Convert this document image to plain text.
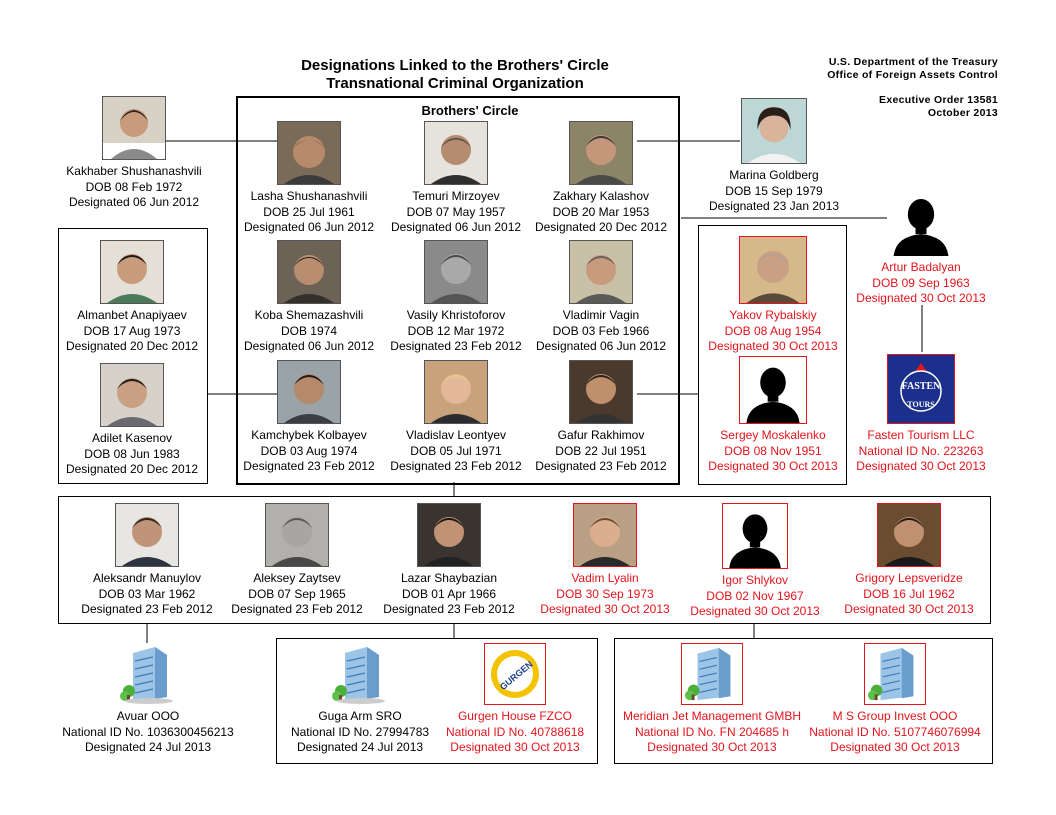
Designations Linked to the Brothers' Circle
Transnational Criminal Organization
U.S. Department of the Treasury
Office of Foreign Assets Control
Executive Order 13581
October 2013
Brothers' Circle
Kakhaber Shushanashvili
DOB 08 Feb 1972
Designated 06 Jun 2012	Lasha Shushanashvili
DOB 25 Jul 1961
Designated 06 Jun 2012
Temuri Mirzoyev
DOB 07 May 1957
Designated 06 Jun 2012
Zakhary Kalashov
DOB 20 Mar 1953
Designated 20 Dec 2012
Koba Shemazashvili
DOB 1974
Designated 06 Jun 2012
Vasily Khristoforov
DOB 12 Mar 1972
Designated 23 Feb 2012
Vladimir Vagin
DOB 03 Feb 1966
Designated 06 Jun 2012
Kamchybek Kolbayev
DOB 03 Aug 1974
Designated 23 Feb 2012
Vladislav Leontyev
DOB 05 Jul 1971
Designated 23 Feb 2012
Gafur Rakhimov
DOB 22 Jul 1951
Designated 23 Feb 2012
Marina Goldberg
DOB 15 Sep 1979
Designated 23 Jan 2013
Almanbet Anapiyaev
DOB 17 Aug 1973
Designated 20 Dec 2012
Adilet Kasenov
DOB 08 Jun 1983
Designated 20 Dec 2012
Yakov Rybalskiy
DOB 08 Aug 1954
Designated 30 Oct 2013
Sergey Moskalenko
DOB 08 Nov 1951
Designated 30 Oct 2013
Artur Badalyan
DOB 09 Sep 1963
Designated 30 Oct 2013
FASTEN
TOURS
Fasten Tourism LLC
National ID No. 223263
Designated 30 Oct 2013
Aleksandr Manuylov
DOB 03 Mar 1962
Designated 23 Feb 2012
Aleksey Zaytsev
DOB 07 Sep 1965
Designated 23 Feb 2012
Lazar Shaybazian
DOB 01 Apr 1966
Designated 23 Feb 2012
Vadim Lyalin
DOB 30 Sep 1973
Designated 30 Oct 2013
Igor Shlykov
DOB 02 Nov 1967
Designated 30 Oct 2013
Grigory Lepsveridze
DOB 16 Jul 1962
Designated 30 Oct 2013
Avuar OOO
National ID No. 1036300456213
Designated 24 Jul 2013
Guga Arm SRO
National ID No. 27994783
Designated 24 Jul 2013
GURGEN
Gurgen House FZCO
National ID No. 40788618
Designated 30 Oct 2013
Meridian Jet Management GMBH
National ID No. FN 204685 h
Designated 30 Oct 2013
M S Group Invest OOO
National ID No. 5107746076994
Designated 30 Oct 2013
